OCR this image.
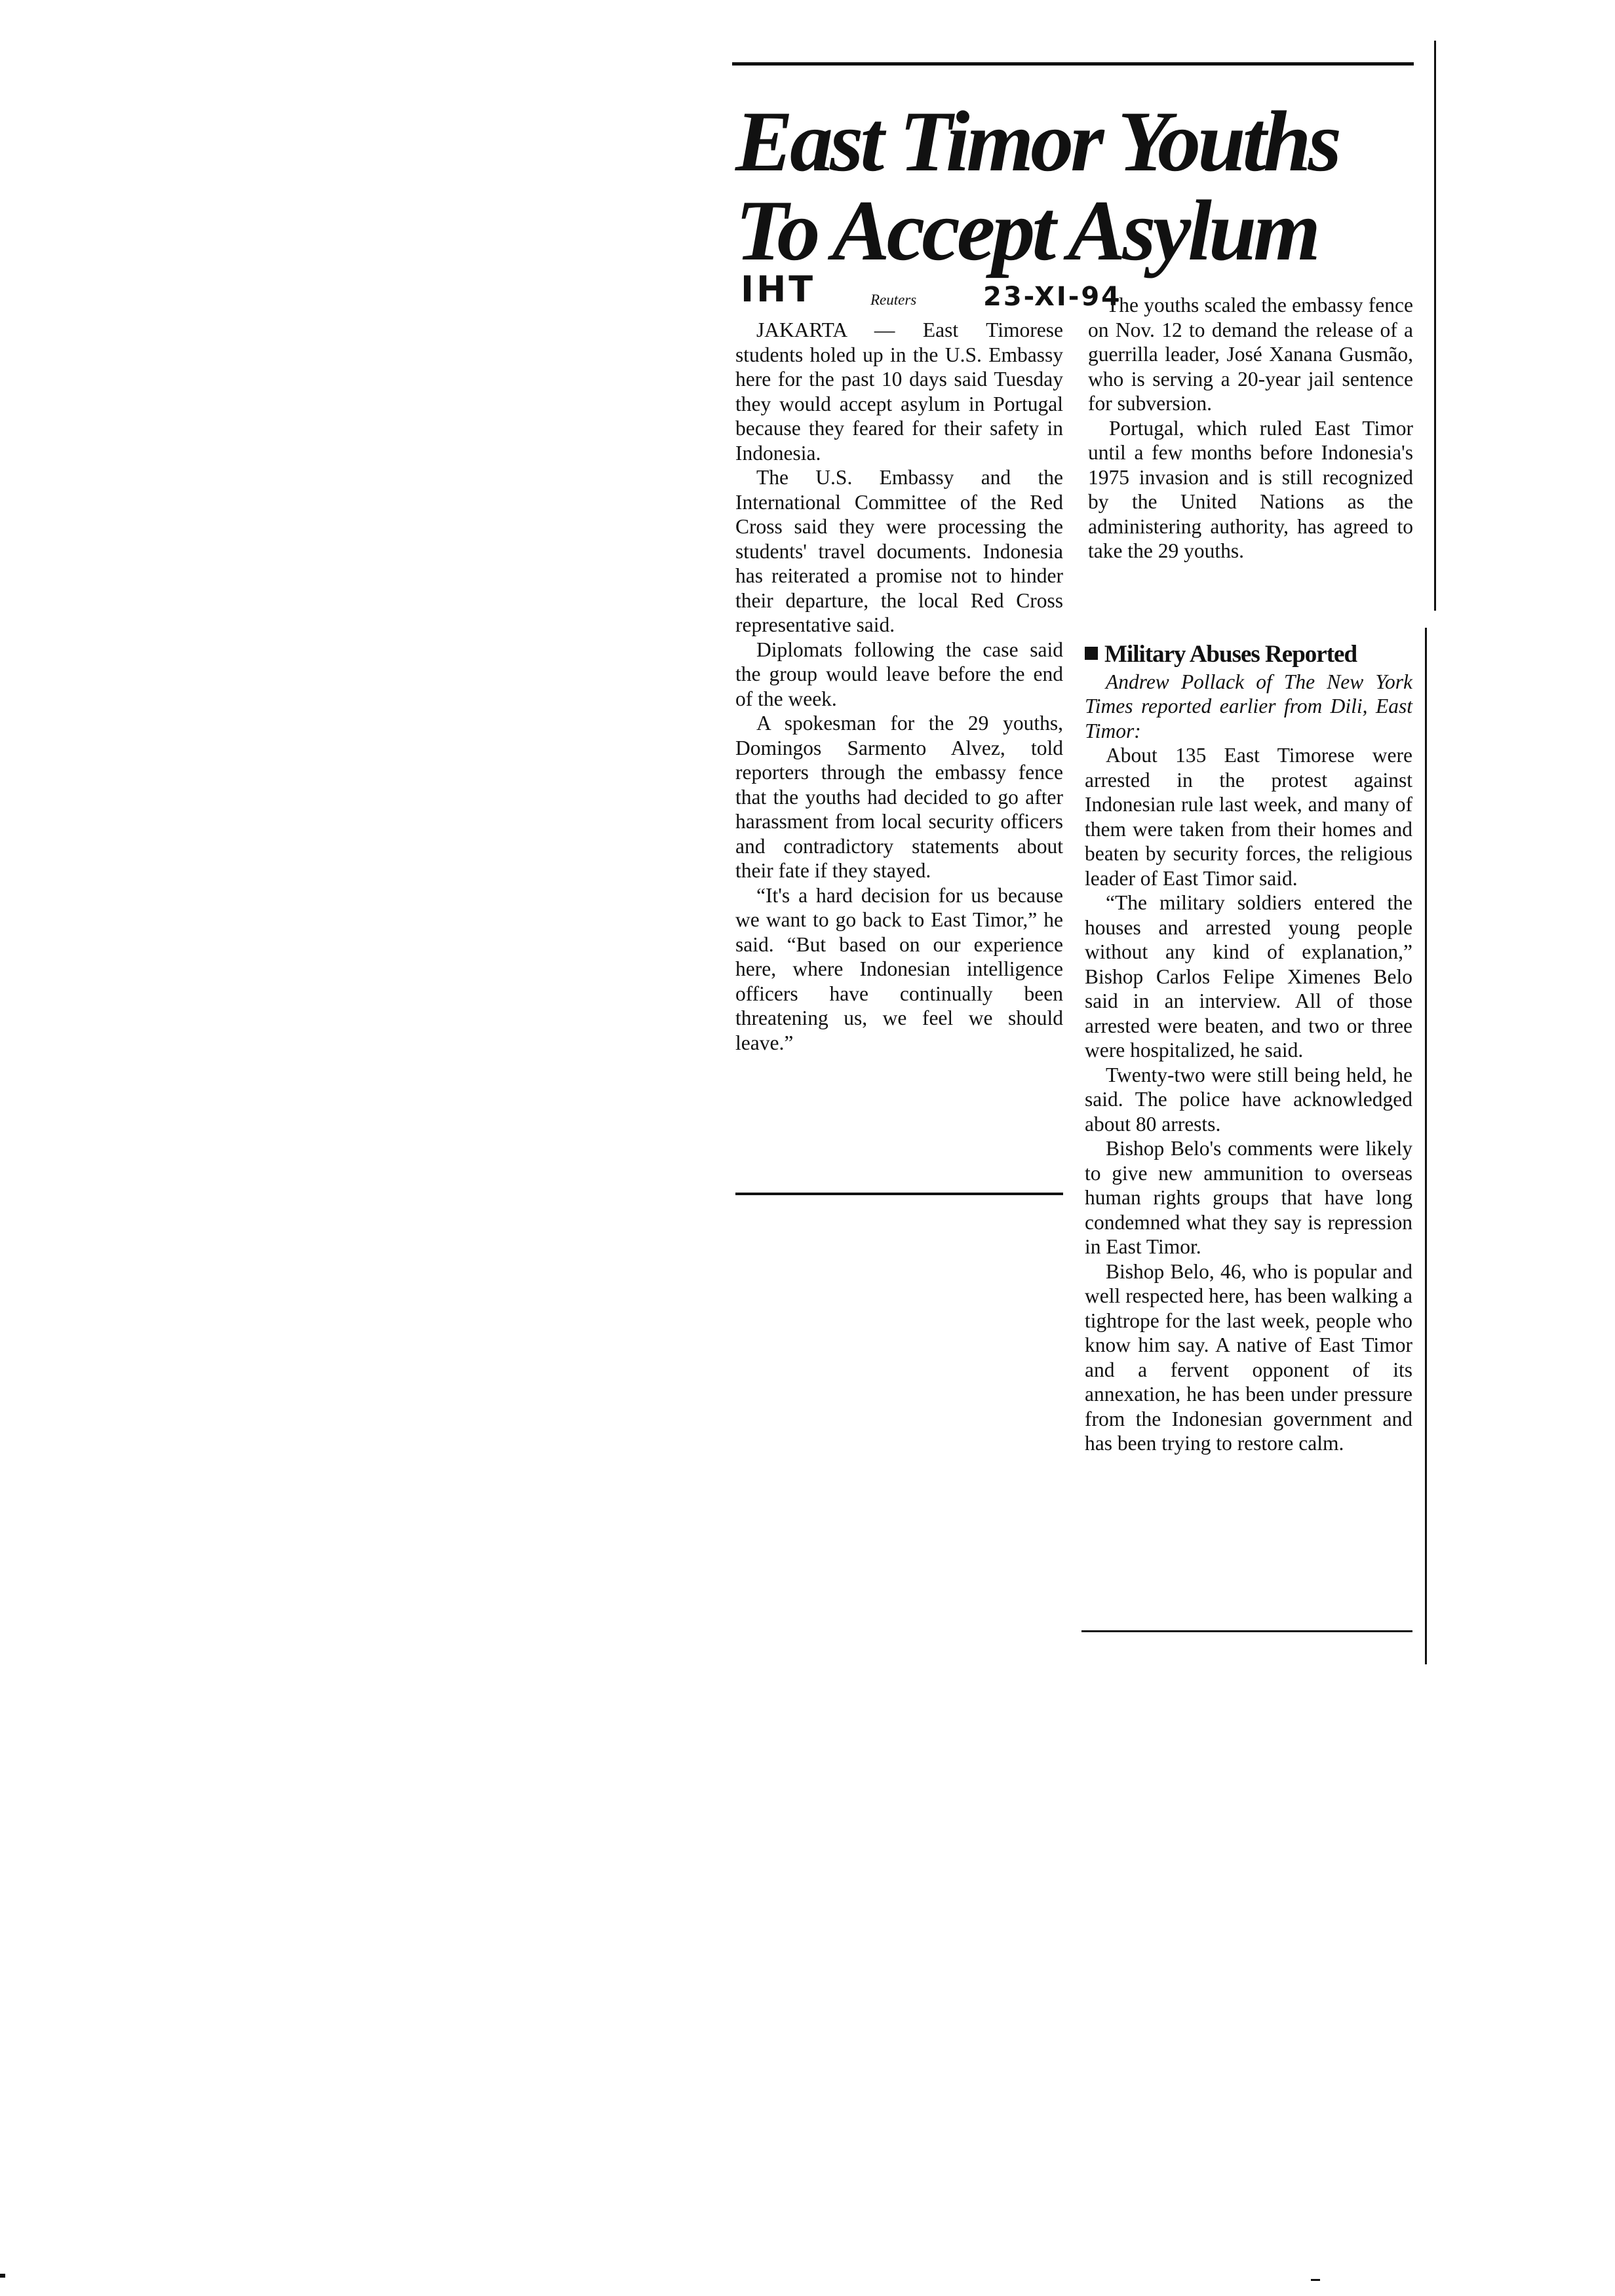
East Timor Youths
To Accept Asylum
IHT	Reuters	23-XI-94

JAKARTA — East Timorese students holed up in the U.S. Embassy here for the past 10 days said Tuesday they would accept asylum in Portugal because they feared for their safety in Indonesia.

The U.S. Embassy and the International Committee of the Red Cross said they were processing the students' travel documents. Indonesia has reiterated a promise not to hinder their departure, the local Red Cross representative said.

Diplomats following the case said the group would leave before the end of the week.

A spokesman for the 29 youths, Domingos Sarmento Alvez, told reporters through the embassy fence that the youths had decided to go after harassment from local security officers and contradictory statements about their fate if they stayed.

“It's a hard decision for us because we want to go back to East Timor,” he said. “But based on our experience here, where Indonesian intelligence officers have continually been threatening us, we feel we should leave.”

The youths scaled the embassy fence on Nov. 12 to demand the release of a guerrilla leader, José Xanana Gusmão, who is serving a 20-year jail sentence for subversion.

Portugal, which ruled East Timor until a few months before Indonesia's 1975 invasion and is still recognized by the United Nations as the administering authority, has agreed to take the 29 youths.

Military Abuses Reported

Andrew Pollack of The New York Times reported earlier from Dili, East Timor:

About 135 East Timorese were arrested in the protest against Indonesian rule last week, and many of them were taken from their homes and beaten by security forces, the religious leader of East Timor said.

“The military soldiers entered the houses and arrested young people without any kind of explanation,” Bishop Carlos Felipe Ximenes Belo said in an interview. All of those arrested were beaten, and two or three were hospitalized, he said.

Twenty-two were still being held, he said. The police have acknowledged about 80 arrests.

Bishop Belo's comments were likely to give new ammunition to overseas human rights groups that have long condemned what they say is repression in East Timor.

Bishop Belo, 46, who is popular and well respected here, has been walking a tightrope for the last week, people who know him say. A native of East Timor and a fervent opponent of its annexation, he has been under pressure from the Indonesian government and has been trying to restore calm.
